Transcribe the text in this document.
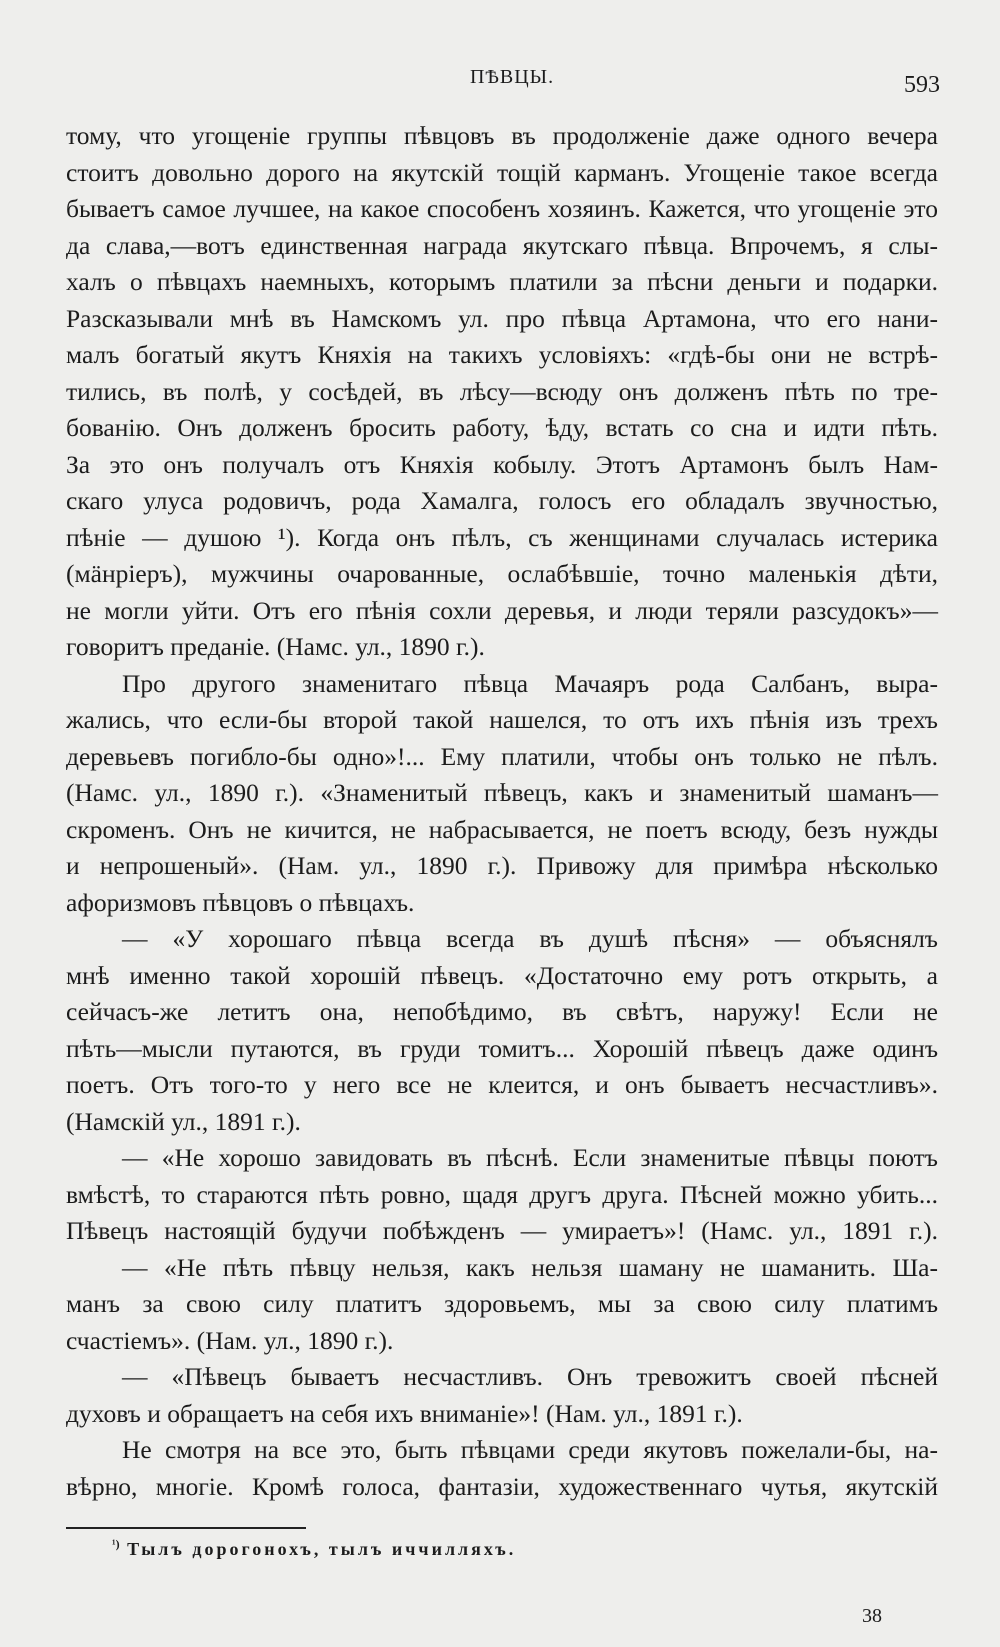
ПѢВЦЫ.	593
тому, что угощеніе группы пѣвцовъ въ продолженіе даже одного вечера
стоитъ довольно дорого на якутскій тощій карманъ. Угощеніе такое всегда
бываетъ самое лучшее, на какое способенъ хозяинъ. Кажется, что угощеніе это
да слава,—вотъ единственная награда якутскаго пѣвца. Впрочемъ, я слы-
халъ о пѣвцахъ наемныхъ, которымъ платили за пѣсни деньги и подарки.
Разсказывали мнѣ въ Намскомъ ул. про пѣвца Артамона, что его нани-
малъ богатый якутъ Княхія на такихъ условіяхъ: «гдѣ-бы они не встрѣ-
тились, въ полѣ, у сосѣдей, въ лѣсу—всюду онъ долженъ пѣть по тре-
бованію. Онъ долженъ бросить работу, ѣду, встать со сна и идти пѣть.
За это онъ получалъ отъ Княхія кобылу. Этотъ Артамонъ былъ Нам-
скаго улуса родовичъ, рода Хамалга, голосъ его обладалъ звучностью,
пѣніе — душою ¹). Когда онъ пѣлъ, съ женщинами случалась истерика
(мäнріеръ), мужчины очарованные, ослабѣвшіе, точно маленькія дѣти,
не могли уйти. Отъ его пѣнія сохли деревья, и люди теряли разсудокъ»—
говоритъ преданіе. (Намс. ул., 1890 г.).
Про другого знаменитаго пѣвца Мачаяръ рода Салбанъ, выра-
жались, что если-бы второй такой нашелся, то отъ ихъ пѣнія изъ трехъ
деревьевъ погибло-бы одно»!... Ему платили, чтобы онъ только не пѣлъ.
(Намс. ул., 1890 г.). «Знаменитый пѣвецъ, какъ и знаменитый шаманъ—
скроменъ. Онъ не кичится, не набрасывается, не поетъ всюду, безъ нужды
и непрошеный». (Нам. ул., 1890 г.). Привожу для примѣра нѣсколько
афоризмовъ пѣвцовъ о пѣвцахъ.
— «У хорошаго пѣвца всегда въ душѣ пѣсня» — объяснялъ
мнѣ именно такой хорошій пѣвецъ. «Достаточно ему ротъ открыть, а
сейчасъ-же летитъ она, непобѣдимо, въ свѣтъ, наружу! Если не
пѣть—мысли путаются, въ груди томитъ... Хорошій пѣвецъ даже одинъ
поетъ. Отъ того-то у него все не клеится, и онъ бываетъ несчастливъ».
(Намскій ул., 1891 г.).
— «Не хорошо завидовать въ пѣснѣ. Если знаменитые пѣвцы поютъ
вмѣстѣ, то стараются пѣть ровно, щадя другъ друга. Пѣсней можно убить...
Пѣвецъ настоящій будучи побѣжденъ — умираетъ»! (Намс. ул., 1891 г.).
— «Не пѣть пѣвцу нельзя, какъ нельзя шаману не шаманить. Ша-
манъ за свою силу платитъ здоровьемъ, мы за свою силу платимъ
счастіемъ». (Нам. ул., 1890 г.).
— «Пѣвецъ бываетъ несчастливъ. Онъ тревожитъ своей пѣсней
духовъ и обращаетъ на себя ихъ вниманіе»! (Нам. ул., 1891 г.).
Не смотря на все это, быть пѣвцами среди якутовъ пожелали-бы, на-
вѣрно, многіе. Кромѣ голоса, фантазіи, художественнаго чутья, якутскій
$^{^1)}$ Тылъ дорогонохъ, тылъ иччилляхъ.
38
